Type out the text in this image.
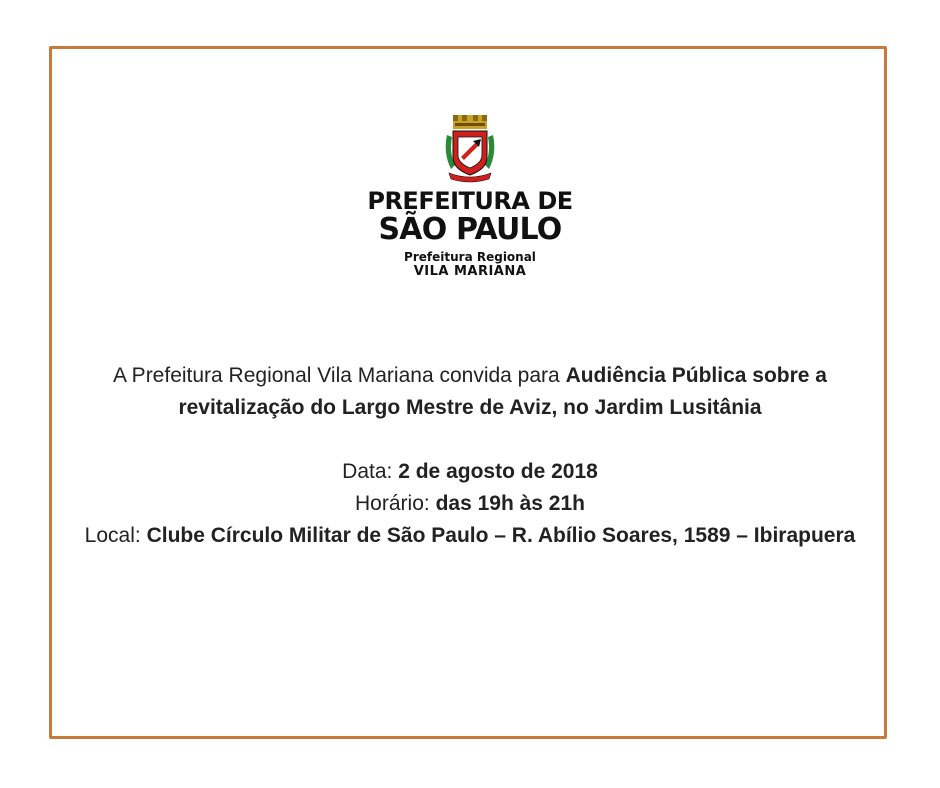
PREFEITURA DE
SÃO PAULO
Prefeitura Regional
VILA MARIANA

A Prefeitura Regional Vila Mariana convida para Audiência Pública sobre a revitalização do Largo Mestre de Aviz, no Jardim Lusitânia

Data: 2 de agosto de 2018

Horário: das 19h às 21h

Local: Clube Círculo Militar de São Paulo – R. Abílio Soares, 1589 – Ibirapuera
